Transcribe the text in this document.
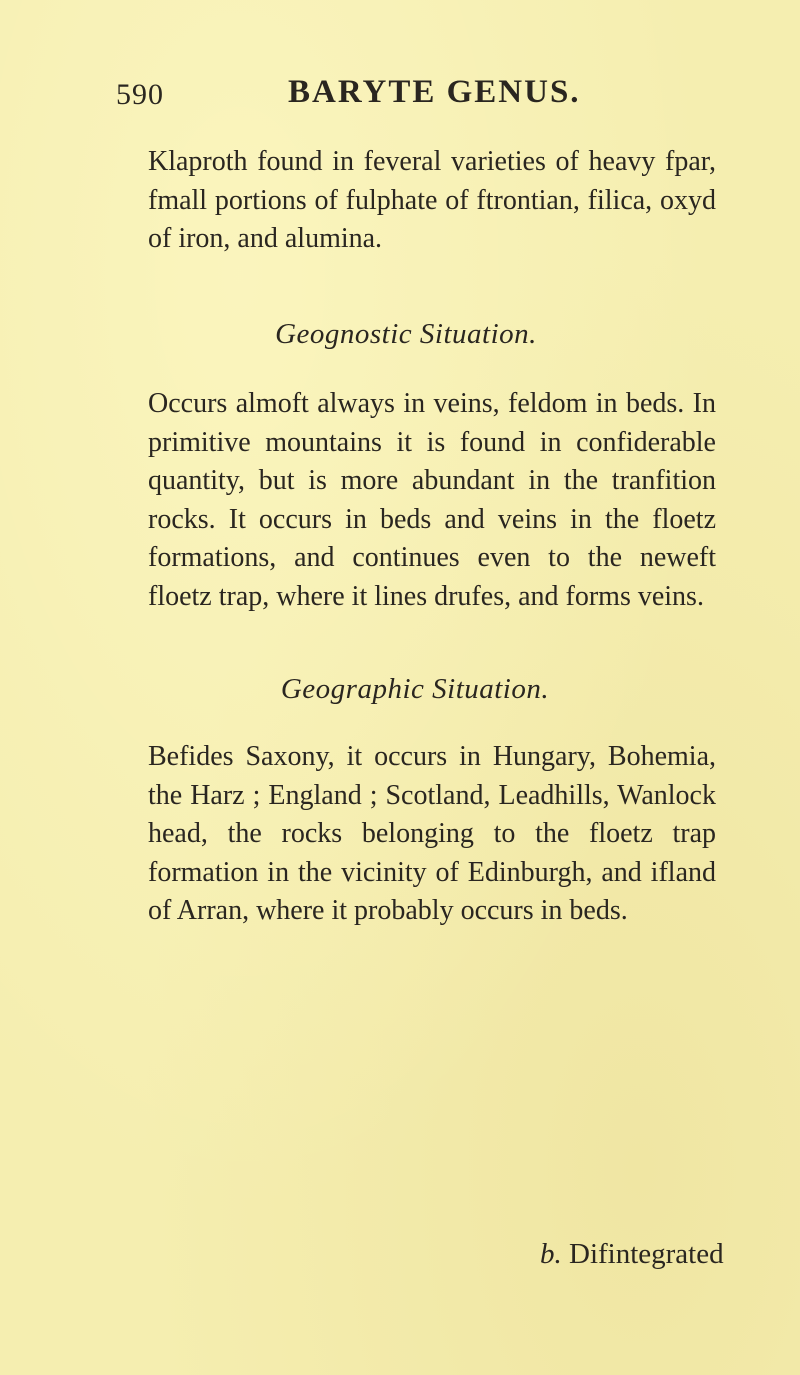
590	BARYTE GENUS.

Klaproth found in feveral varieties of heavy fpar, fmall portions of fulphate of ftrontian, filica, oxyd of iron, and alumina.

Geognostic Situation.

Occurs almoft always in veins, feldom in beds. In primitive mountains it is found in confiderable quantity, but is more abundant in the tranfition rocks. It occurs in beds and veins in the floetz formations, and continues even to the neweft floetz trap, where it lines drufes, and forms veins.

Geographic Situation.

Befides Saxony, it occurs in Hungary, Bohemia, the Harz ; England ; Scotland, Leadhills, Wanlock head, the rocks belonging to the floetz trap formation in the vicinity of Edinburgh, and ifland of Arran, where it probably occurs in beds.

b. Difintegrated
